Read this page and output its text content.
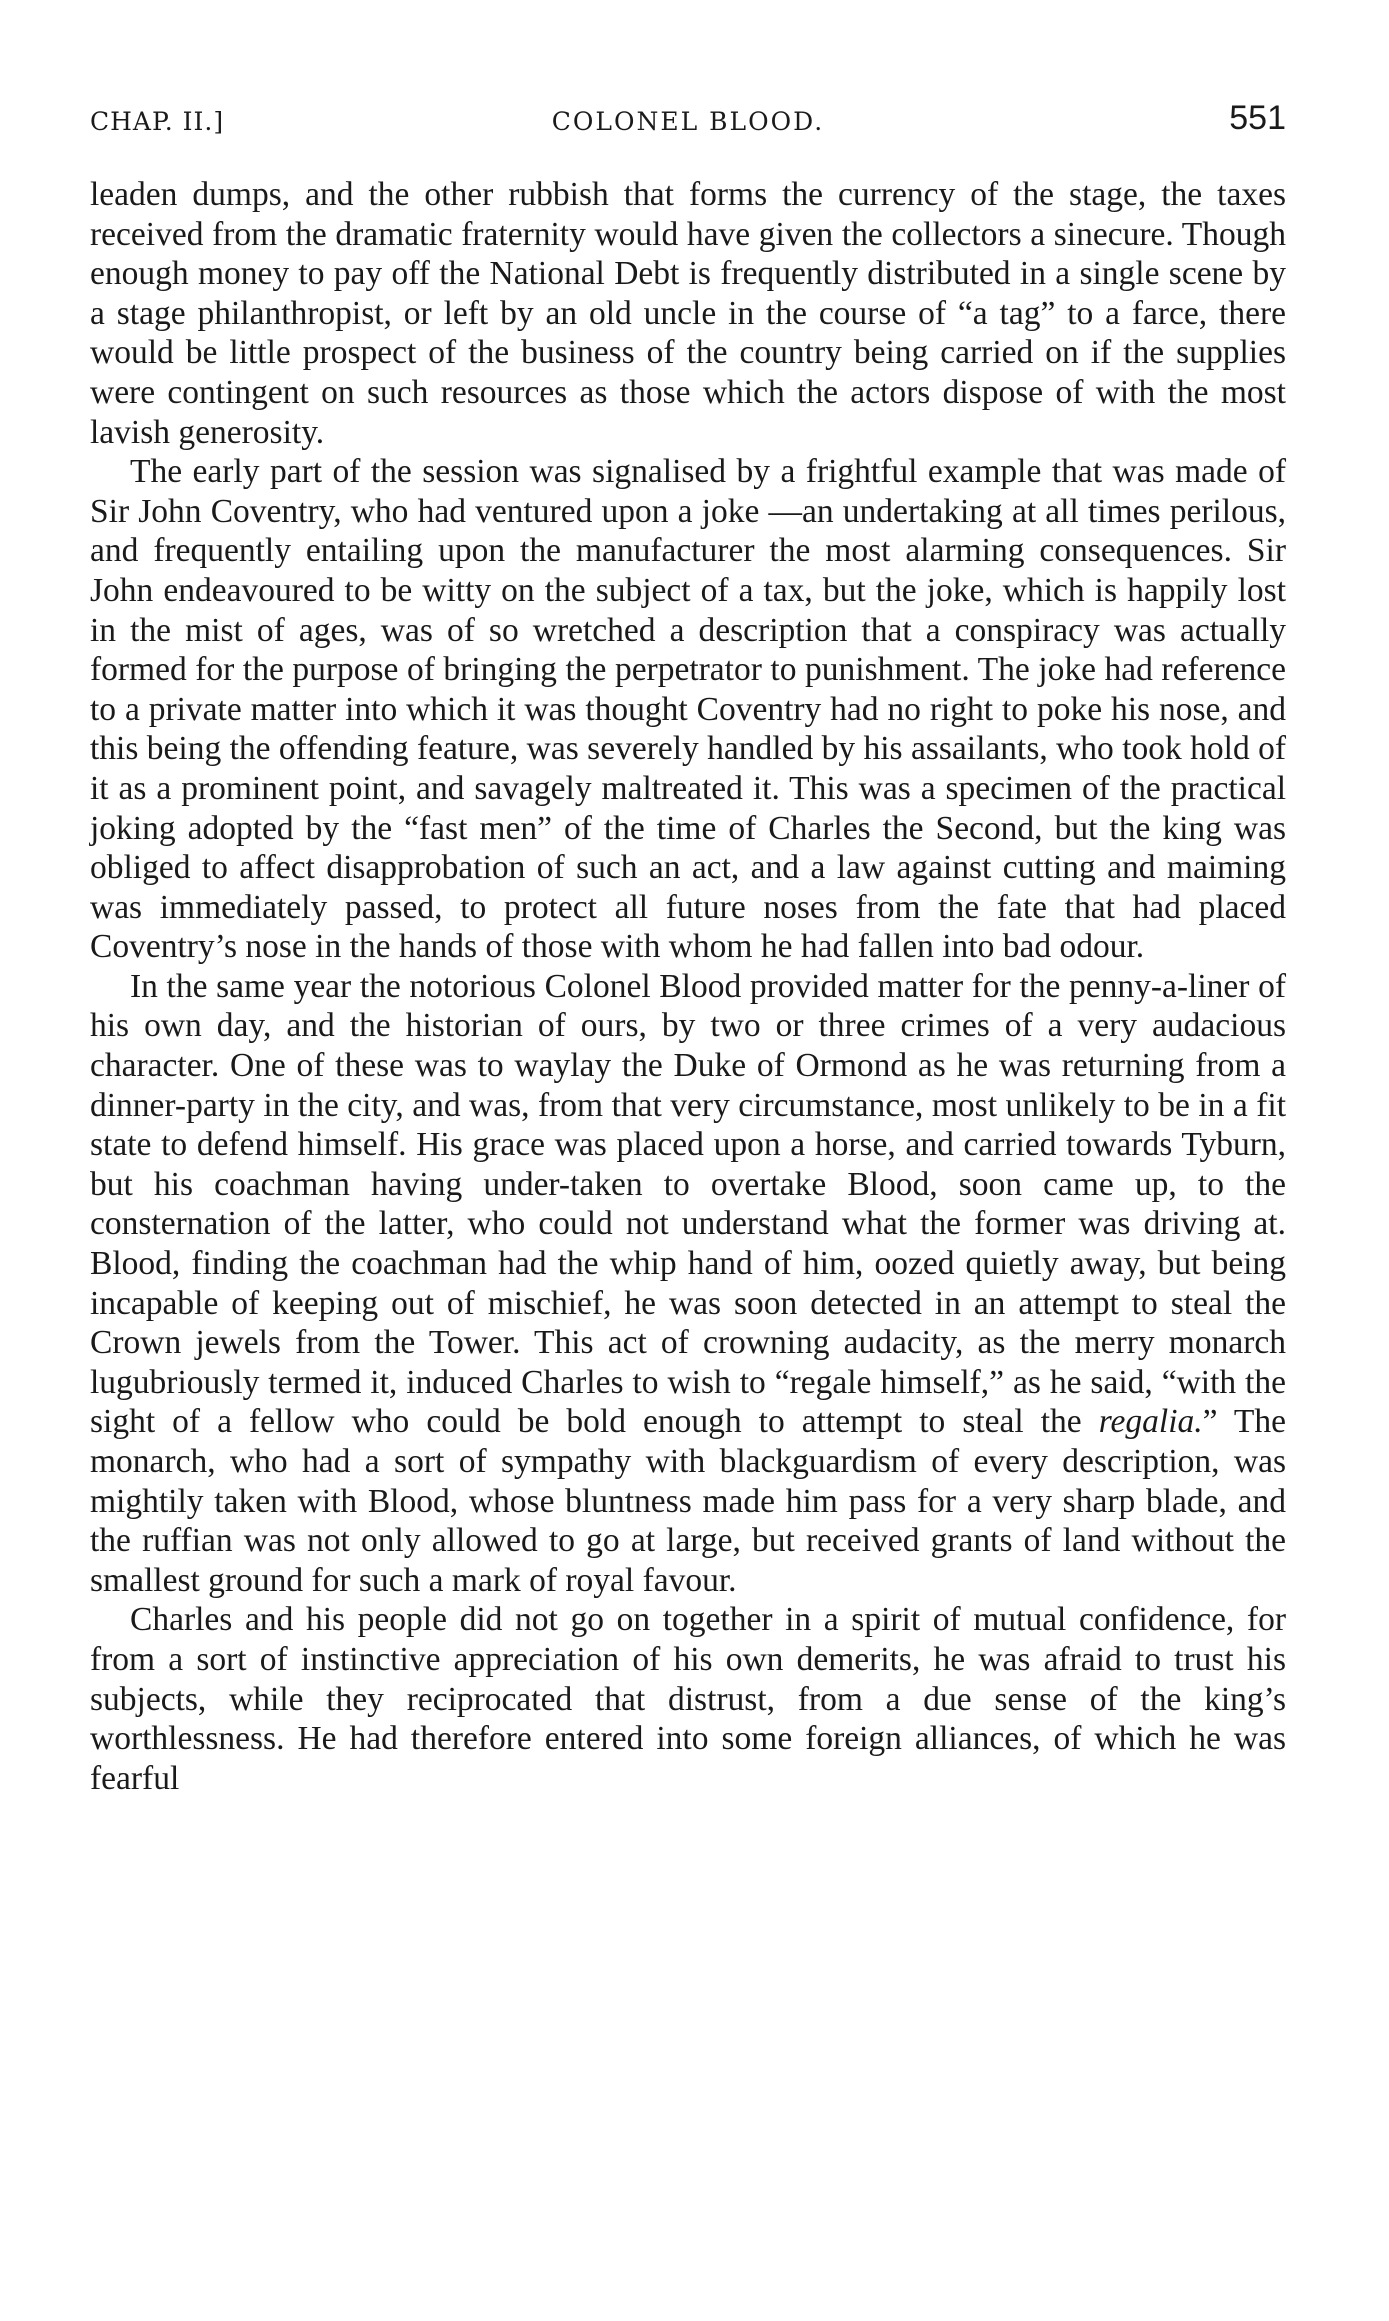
CHAP. II.]	COLONEL BLOOD.	551

leaden dumps, and the other rubbish that forms the currency of the stage, the taxes received from the dramatic fraternity would have given the collectors a sinecure. Though enough money to pay off the National Debt is frequently distributed in a single scene by a stage philanthropist, or left by an old uncle in the course of “a tag” to a farce, there would be little prospect of the business of the country being carried on if the supplies were contingent on such resources as those which the actors dispose of with the most lavish generosity.

The early part of the session was signalised by a frightful example that was made of Sir John Coventry, who had ventured upon a joke —an undertaking at all times perilous, and frequently entailing upon the manufacturer the most alarming consequences. Sir John endeavoured to be witty on the subject of a tax, but the joke, which is happily lost in the mist of ages, was of so wretched a description that a conspiracy was actually formed for the purpose of bringing the perpetrator to punishment. The joke had reference to a private matter into which it was thought Coventry had no right to poke his nose, and this being the offending feature, was severely handled by his assailants, who took hold of it as a prominent point, and savagely maltreated it. This was a specimen of the practical joking adopted by the “fast men” of the time of Charles the Second, but the king was obliged to affect disapprobation of such an act, and a law against cutting and maiming was immediately passed, to protect all future noses from the fate that had placed Coventry’s nose in the hands of those with whom he had fallen into bad odour.

In the same year the notorious Colonel Blood provided matter for the penny-a-liner of his own day, and the historian of ours, by two or three crimes of a very audacious character. One of these was to waylay the Duke of Ormond as he was returning from a dinner-party in the city, and was, from that very circumstance, most unlikely to be in a fit state to defend himself. His grace was placed upon a horse, and carried towards Tyburn, but his coachman having under-taken to overtake Blood, soon came up, to the consternation of the latter, who could not understand what the former was driving at. Blood, finding the coachman had the whip hand of him, oozed quietly away, but being incapable of keeping out of mischief, he was soon detected in an attempt to steal the Crown jewels from the Tower. This act of crowning audacity, as the merry monarch lugubriously termed it, induced Charles to wish to “regale himself,” as he said, “with the sight of a fellow who could be bold enough to attempt to steal the regalia.” The monarch, who had a sort of sympathy with blackguardism of every description, was mightily taken with Blood, whose bluntness made him pass for a very sharp blade, and the ruffian was not only allowed to go at large, but received grants of land without the smallest ground for such a mark of royal favour.

Charles and his people did not go on together in a spirit of mutual confidence, for from a sort of instinctive appreciation of his own demerits, he was afraid to trust his subjects, while they reciprocated that distrust, from a due sense of the king’s worthlessness. He had therefore entered into some foreign alliances, of which he was fearful
